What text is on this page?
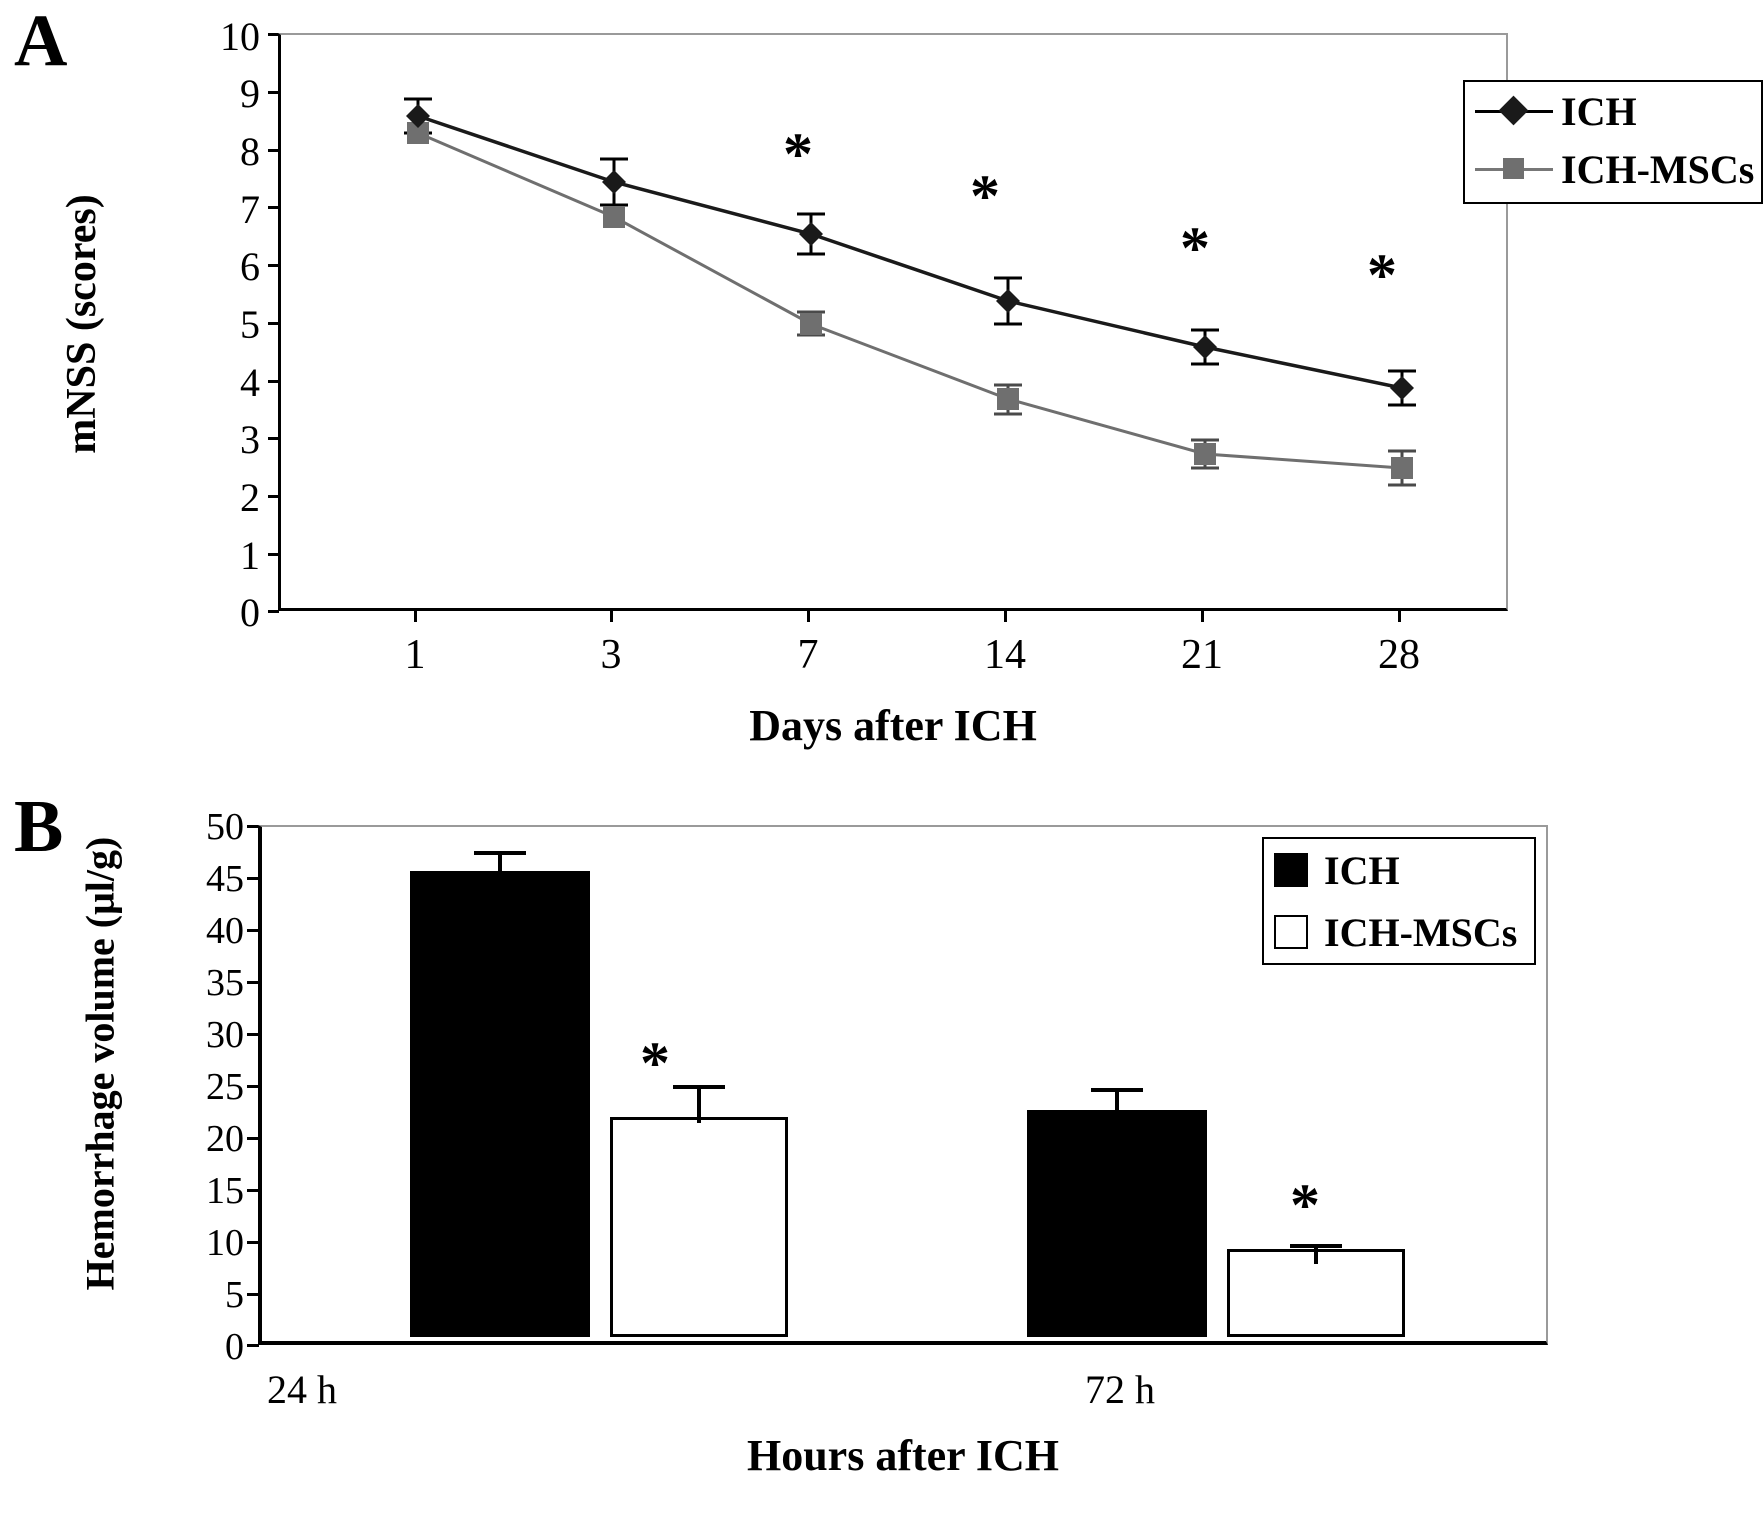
A
mNSS (scores)
10
9
8
7
6
5
4
3
2
1
0
ICH
ICH-MSCs
1	3	7	14	21	28
*
*
*	*
Days after ICH
B
Hemorrhage volume (μl/g)
50
45
40
35
30
25
20
15
10
5
0
ICH
ICH-MSCs
*
*
24 h	72 h
Hours after ICH
